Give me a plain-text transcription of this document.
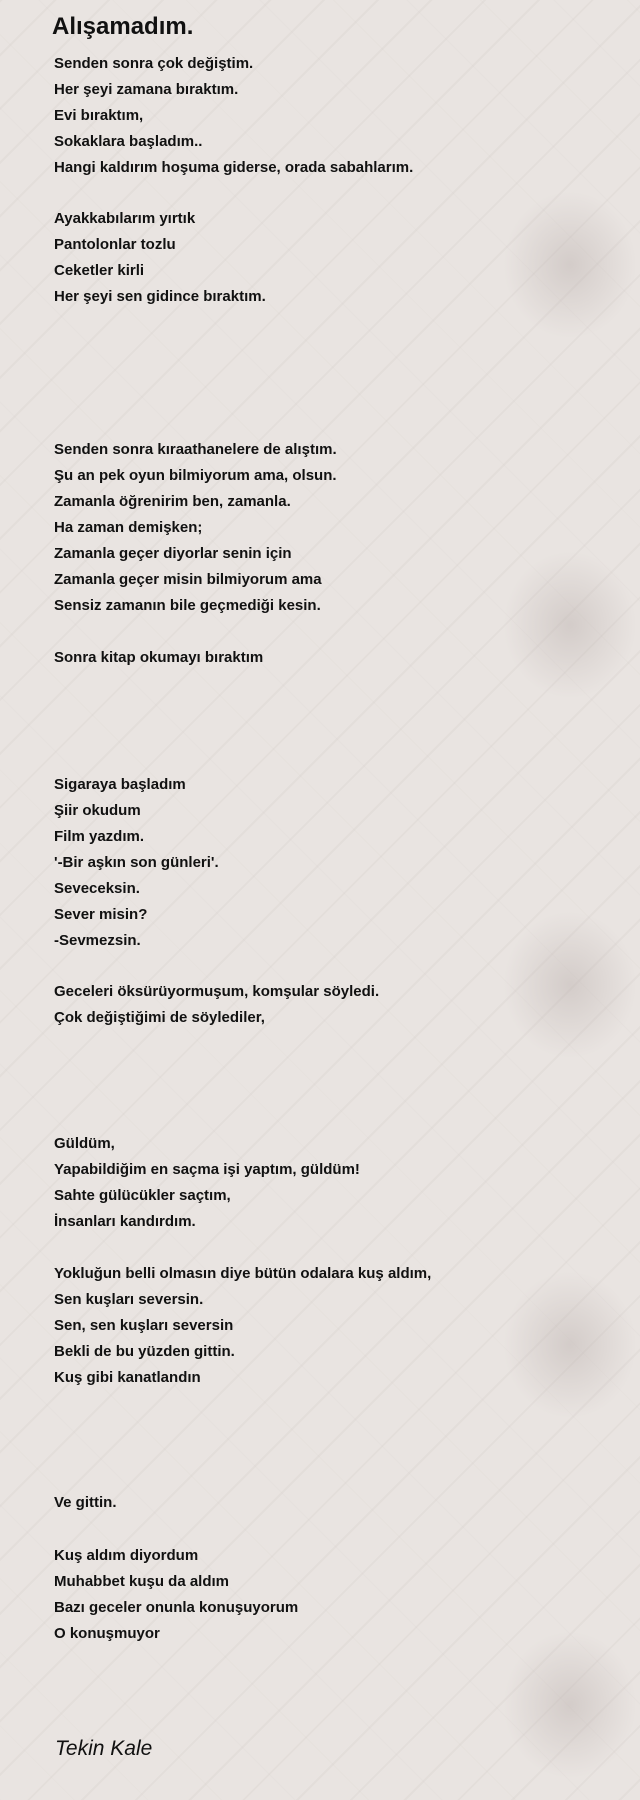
Alışamadım.
Senden sonra çok değiştim.
Her şeyi zamana bıraktım.
Evi bıraktım,
Sokaklara başladım..
Hangi kaldırım hoşuma giderse, orada sabahlarım.
Ayakkabılarım yırtık
Pantolonlar tozlu
Ceketler kirli
Her şeyi sen gidince bıraktım.
Senden sonra kıraathanelere de alıştım.
Şu an pek oyun bilmiyorum ama, olsun.
Zamanla öğrenirim ben, zamanla.
Ha zaman demişken;
Zamanla geçer diyorlar senin için
Zamanla geçer misin bilmiyorum ama
Sensiz zamanın bile geçmediği kesin.
Sonra kitap okumayı bıraktım
Sigaraya başladım
Şiir okudum
Film yazdım.
'-Bir aşkın son günleri'.
Seveceksin.
Sever misin?
-Sevmezsin.
Geceleri öksürüyormuşum, komşular söyledi.
Çok değiştiğimi de söylediler,
Güldüm,
Yapabildiğim en saçma işi yaptım, güldüm!
Sahte gülücükler saçtım,
İnsanları kandırdım.
Yokluğun belli olmasın diye bütün odalara kuş aldım,
Sen kuşları seversin.
Sen, sen kuşları seversin
Bekli de bu yüzden gittin.
Kuş gibi kanatlandın
Ve gittin.
Kuş aldım diyordum
Muhabbet kuşu da aldım
Bazı geceler onunla konuşuyorum
O konuşmuyor

Tekin Kale
